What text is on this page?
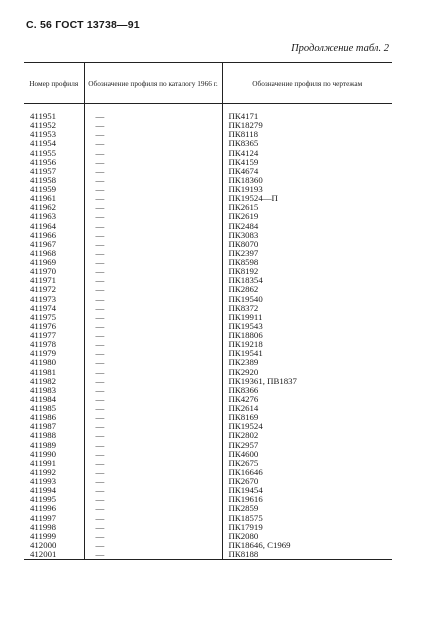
С. 56 ГОСТ 13738—91
Продолжение табл. 2
Номер профиля	Обозначение профиля по каталогу 1966 г.	Обозначение профиля по чертежам

411951	—	ПК4171
411952	—	ПК18279
411953	—	ПК8118
411954	—	ПК8365
411955	—	ПК4124
411956	—	ПК4159
411957	—	ПК4674
411958	—	ПК18360
411959	—	ПК19193
411961	—	ПК19524—П
411962	—	ПК2615
411963	—	ПК2619
411964	—	ПК2484
411966	—	ПК3083
411967	—	ПК8070
411968	—	ПК2397
411969	—	ПК8598
411970	—	ПК8192
411971	—	ПК18354
411972	—	ПК2862
411973	—	ПК19540
411974	—	ПК8372
411975	—	ПК19911
411976	—	ПК19543
411977	—	ПК18806
411978	—	ПК19218
411979	—	ПК19541
411980	—	ПК2389
411981	—	ПК2920
411982	—	ПК19361, ПВ1837
411983	—	ПК8366
411984	—	ПК4276
411985	—	ПК2614
411986	—	ПК8169
411987	—	ПК19524
411988	—	ПК2802
411989	—	ПК2957
411990	—	ПК4600
411991	—	ПК2675
411992	—	ПК16646
411993	—	ПК2670
411994	—	ПК19454
411995	—	ПК19616
411996	—	ПК2859
411997	—	ПК18575
411998	—	ПК17919
411999	—	ПК2080
412000	—	ПК18646, С1969
412001	—	ПК8188
